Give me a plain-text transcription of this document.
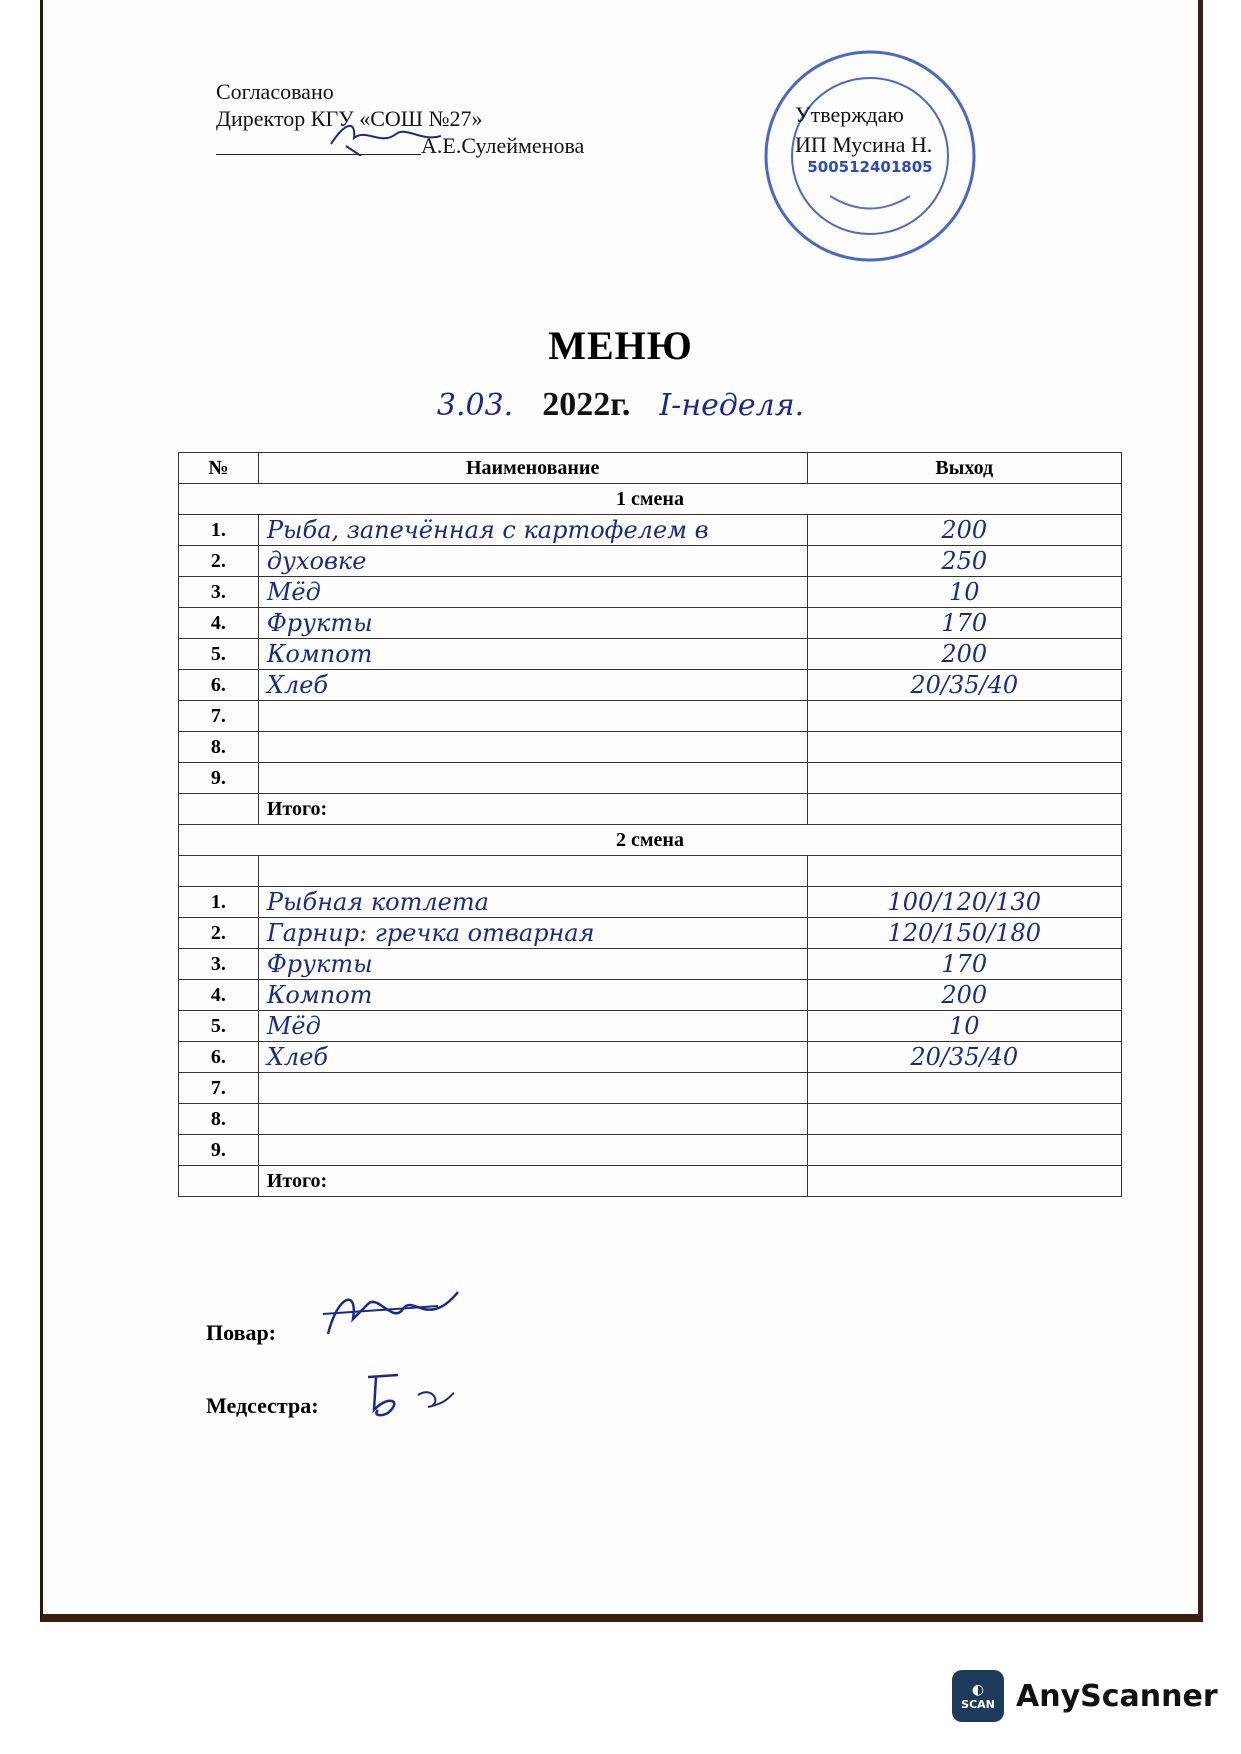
Согласовано
Директор КГУ «СОШ №27»
А.Е.Сулейменова
500512401805
Утверждаю
ИП Мусина Н.
МЕНЮ
3.03. 2022г. I-неделя.
№	Наименование	Выход
1 смена		
1.	Рыба, запечённая с картофелем в	200
2.	духовке	250
3.	Мёд	10
4.	Фрукты	170
5.	Компот	200
6.	Хлеб	20/35/40
7.		
8.		
9.		
	Итого:	
2 смена		

1.	Рыбная котлета	100/120/130
2.	Гарнир: гречка отварная	120/150/180
3.	Фрукты	170
4.	Компот	200
5.	Мёд	10
6.	Хлеб	20/35/40
7.		
8.		
9.		
	Итого:	
Повар:
Медсестра:
◐
SCAN AnyScanner
